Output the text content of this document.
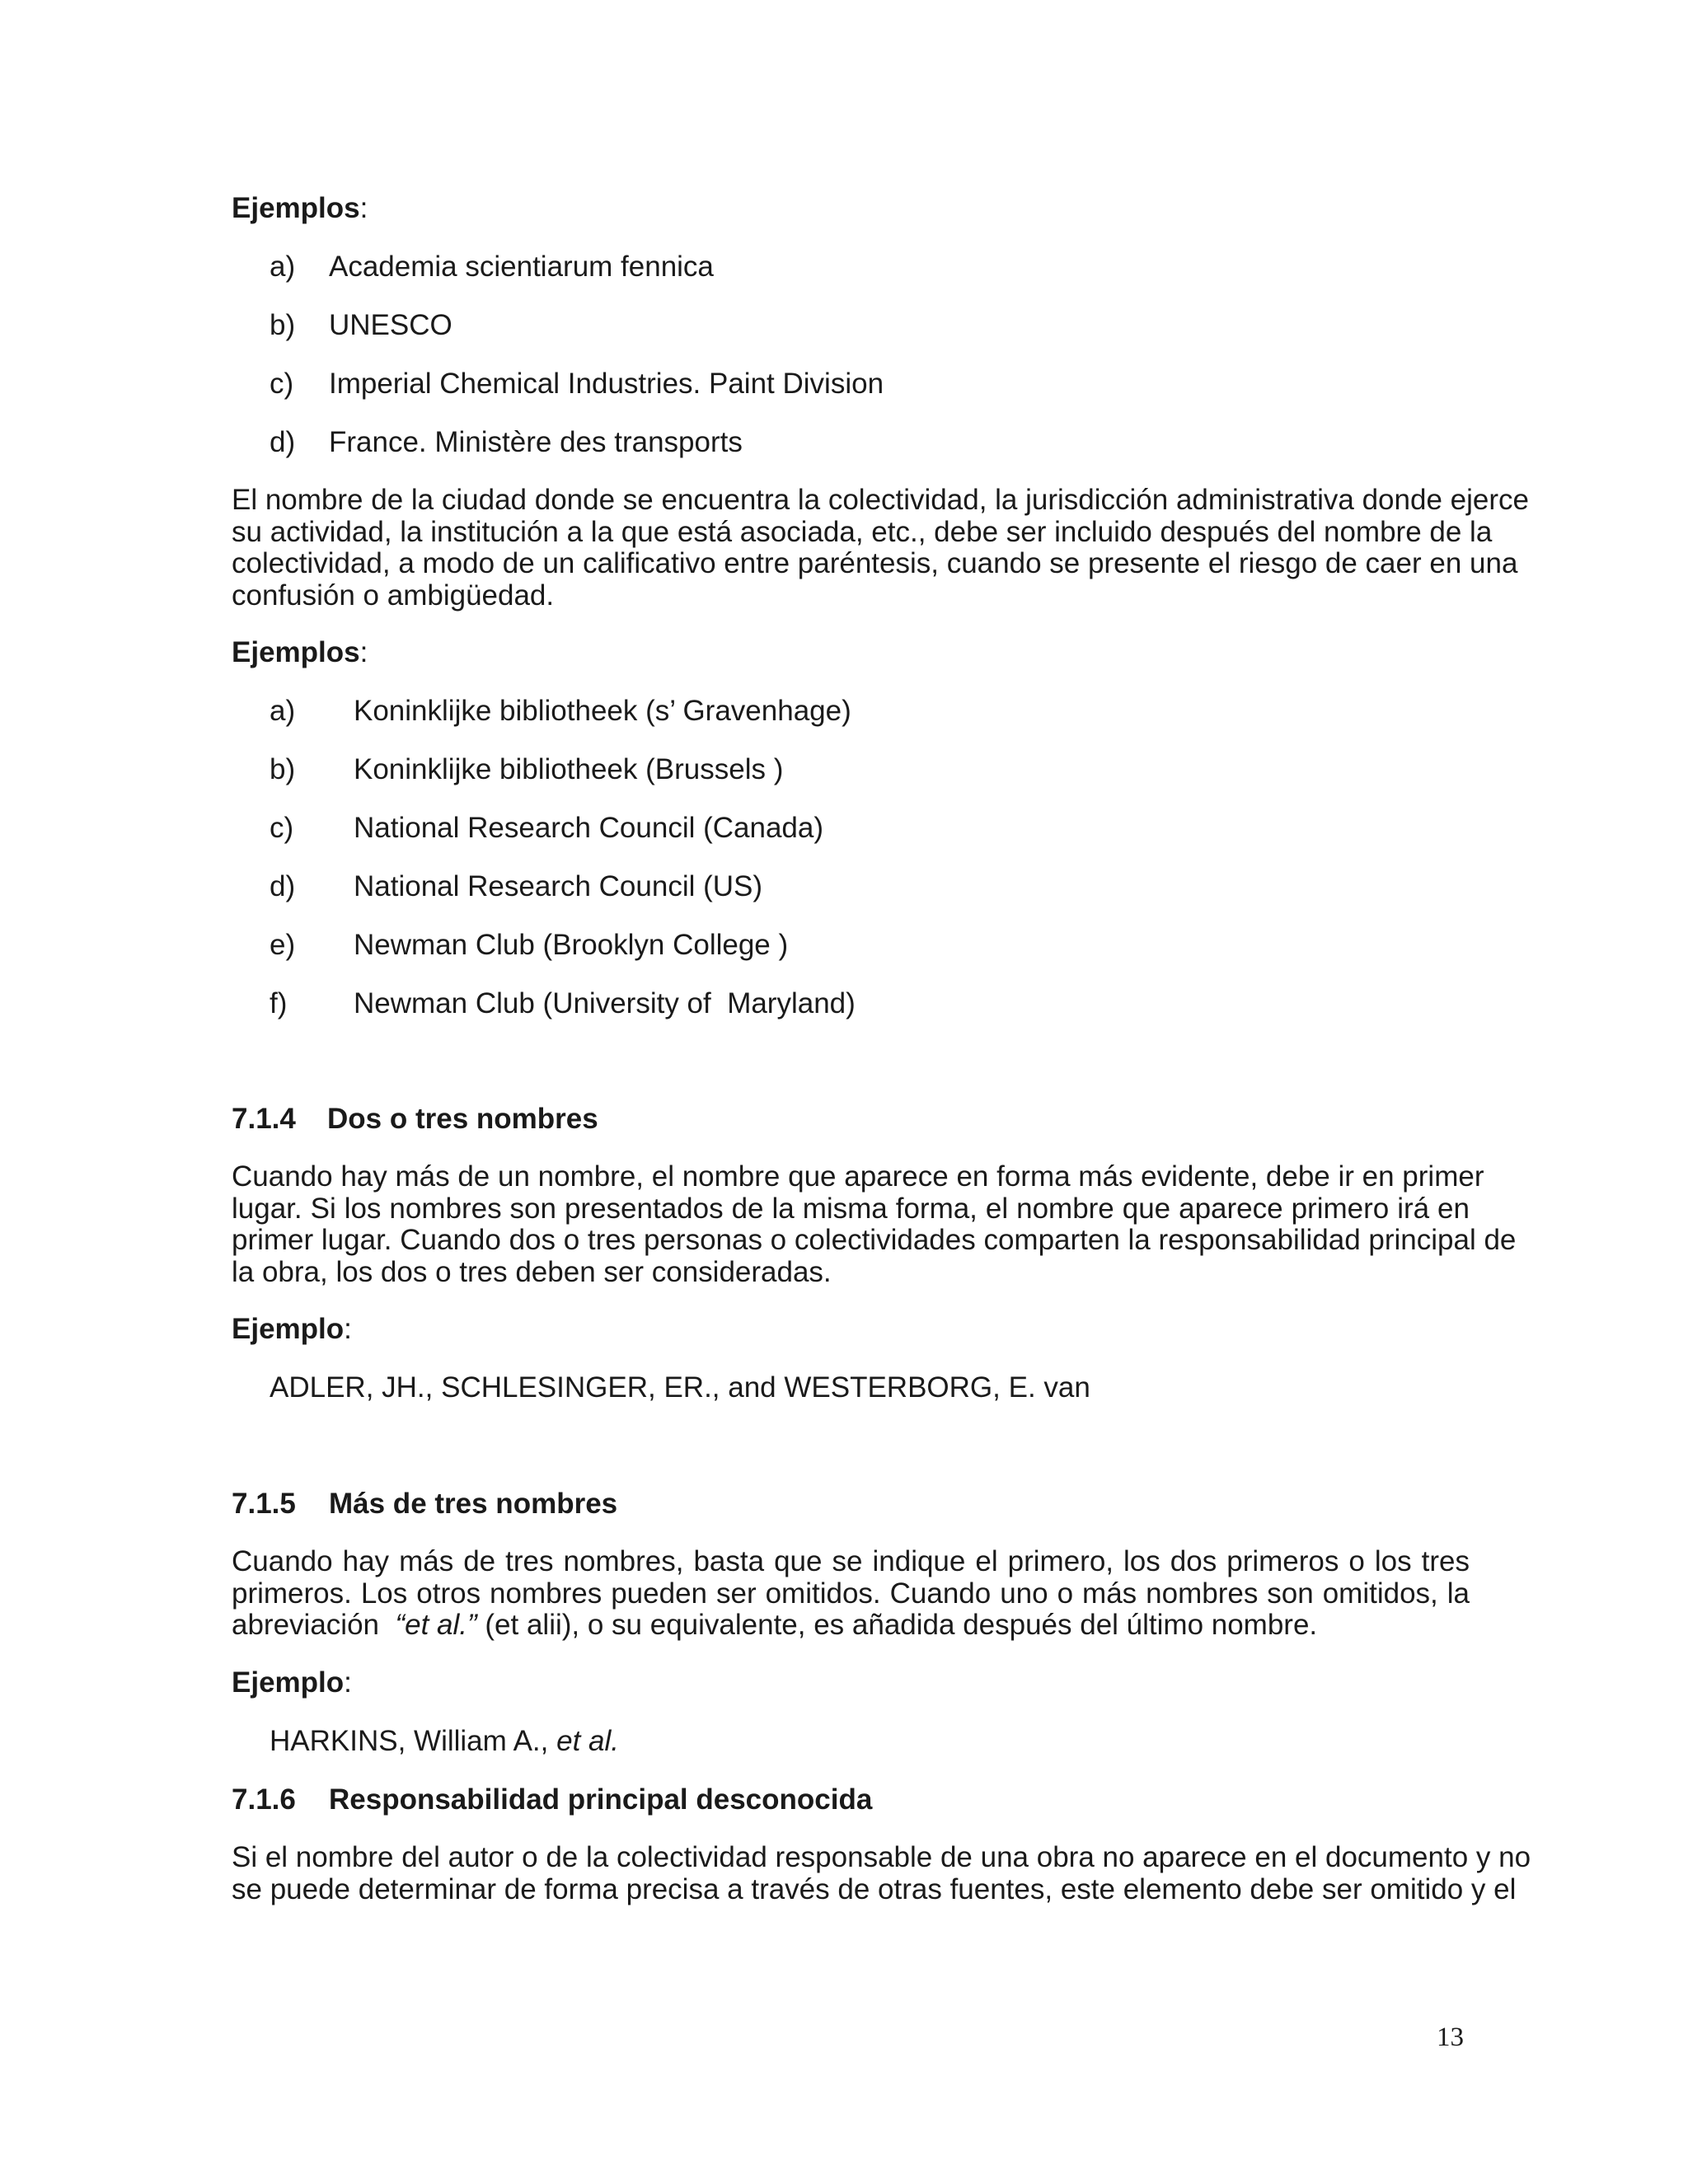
Ejemplos:
a) Academia scientiarum fennica
b) UNESCO
c) Imperial Chemical Industries. Paint Division
d) France. Ministère des transports
El nombre de la ciudad donde se encuentra la colectividad, la jurisdicción administrativa donde ejerce
su actividad, la institución a la que está asociada, etc., debe ser incluido después del nombre de la
colectividad, a modo de un calificativo entre paréntesis, cuando se presente el riesgo de caer en una
confusión o ambigüedad.
Ejemplos:
a) Koninklijke bibliotheek (s’ Gravenhage)
b) Koninklijke bibliotheek (Brussels )
c) National Research Council (Canada)
d) National Research Council (US)
e) Newman Club (Brooklyn College )
f) Newman Club (University of  Maryland)
7.1.4 Dos o tres nombres
Cuando hay más de un nombre, el nombre que aparece en forma más evidente, debe ir en primer
lugar. Si los nombres son presentados de la misma forma, el nombre que aparece primero irá en
primer lugar. Cuando dos o tres personas o colectividades comparten la responsabilidad principal de
la obra, los dos o tres deben ser consideradas.
Ejemplo:
ADLER, JH., SCHLESINGER, ER., and WESTERBORG, E. van
7.1.5 Más de tres nombres
Cuando hay más de tres nombres, basta que se indique el primero, los dos primeros o los tres
primeros. Los otros nombres pueden ser omitidos. Cuando uno o más nombres son omitidos, la
abreviación  “et al.” (et alii), o su equivalente, es añadida después del último nombre.
Ejemplo:
HARKINS, William A., et al.
7.1.6 Responsabilidad principal desconocida
Si el nombre del autor o de la colectividad responsable de una obra no aparece en el documento y no
se puede determinar de forma precisa a través de otras fuentes, este elemento debe ser omitido y el
13
